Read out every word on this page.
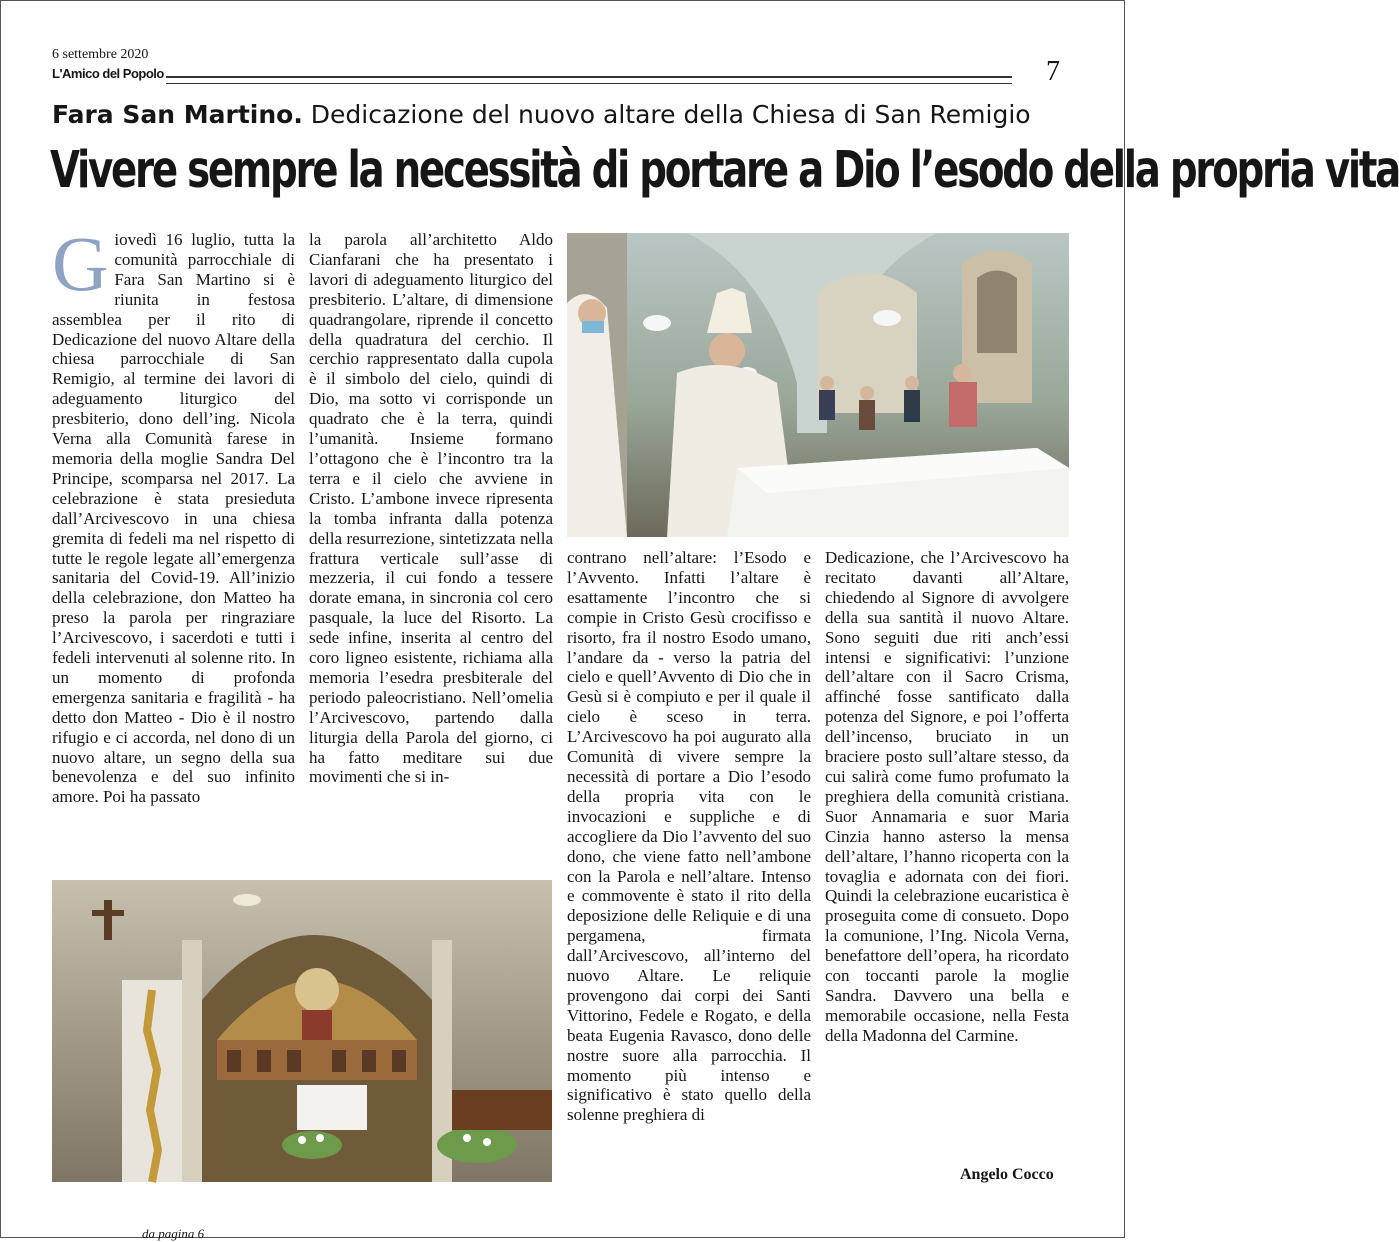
6 settembre 2020
L'Amico del Popolo	7
Fara San Martino. Dedicazione del nuovo altare della Chiesa di San Remigio
Vivere sempre la necessità di portare a Dio l’esodo della propria vita
Giovedì 16 luglio, tutta la comunità parrocchiale di Fara San Martino si è riunita in festosa assemblea per il rito di Dedicazione del nuovo Altare della chiesa parrocchiale di San Remigio, al termine dei lavori di adeguamento liturgico del presbiterio, dono dell’ing. Nicola Verna alla Comunità farese in memoria della moglie Sandra Del Principe, scomparsa nel 2017. La celebrazione è stata presieduta dall’Arcivescovo in una chiesa gremita di fedeli ma nel rispetto di tutte le regole legate all’emergenza sanitaria del Covid-19. All’inizio della celebrazione, don Matteo ha preso la parola per ringraziare l’Arcivescovo, i sacerdoti e tutti i fedeli intervenuti al solenne rito. In un momento di profonda emergenza sanitaria e fragilità - ha detto don Matteo - Dio è il nostro rifugio e ci accorda, nel dono di un nuovo altare, un segno della sua benevolenza e del suo infinito amore. Poi ha passato
la parola all’architetto Aldo Cianfarani che ha presentato i lavori di adeguamento liturgico del presbiterio. L’altare, di dimensione quadrangolare, riprende il concetto della quadratura del cerchio. Il cerchio rappresentato dalla cupola è il simbolo del cielo, quindi di Dio, ma sotto vi corrisponde un quadrato che è la terra, quindi l’umanità. Insieme formano l’ottagono che è l’incontro tra la terra e il cielo che avviene in Cristo. L’ambone invece ripresenta la tomba infranta dalla potenza della resurrezione, sintetizzata nella frattura verticale sull’asse di mezzeria, il cui fondo a tessere dorate emana, in sincronia col cero pasquale, la luce del Risorto. La sede infine, inserita al centro del coro ligneo esistente, richiama alla memoria l’esedra presbiterale del periodo paleocristiano. Nell’omelia l’Arcivescovo, partendo dalla liturgia della Parola del giorno, ci ha fatto meditare sui due movimenti che si in-
contrano nell’altare: l’Esodo e l’Avvento. Infatti l’altare è esattamente l’incontro che si compie in Cristo Gesù crocifisso e risorto, fra il nostro Esodo umano, l’andare da - verso la patria del cielo e quell’Avvento di Dio che in Gesù si è compiuto e per il quale il cielo è sceso in terra. L’Arcivescovo ha poi augurato alla Comunità di vivere sempre la necessità di portare a Dio l’esodo della propria vita con le invocazioni e suppliche e di accogliere da Dio l’avvento del suo dono, che viene fatto nell’ambone con la Parola e nell’altare. Intenso e commovente è stato il rito della deposizione delle Reliquie e di una pergamena, firmata dall’Arcivescovo, all’interno del nuovo Altare. Le reliquie provengono dai corpi dei Santi Vittorino, Fedele e Rogato, e della beata Eugenia Ravasco, dono delle nostre suore alla parrocchia. Il momento più intenso e significativo è stato quello della solenne preghiera di
Dedicazione, che l’Arcivescovo ha recitato davanti all’Altare, chiedendo al Signore di avvolgere della sua santità il nuovo Altare. Sono seguiti due riti anch’essi intensi e significativi: l’unzione dell’altare con il Sacro Crisma, affinché fosse santificato dalla potenza del Signore, e poi l’offerta dell’incenso, bruciato in un braciere posto sull’altare stesso, da cui salirà come fumo profumato la preghiera della comunità cristiana. Suor Annamaria e suor Maria Cinzia hanno asterso la mensa dell’altare, l’hanno ricoperta con la tovaglia e adornata con dei fiori. Quindi la celebrazione eucaristica è proseguita come di consueto. Dopo la comunione, l’Ing. Nicola Verna, benefattore dell’opera, ha ricordato con toccanti parole la moglie Sandra. Davvero una bella e memorabile occasione, nella Festa della Madonna del Carmine.
Angelo Cocco
da pagina 6
